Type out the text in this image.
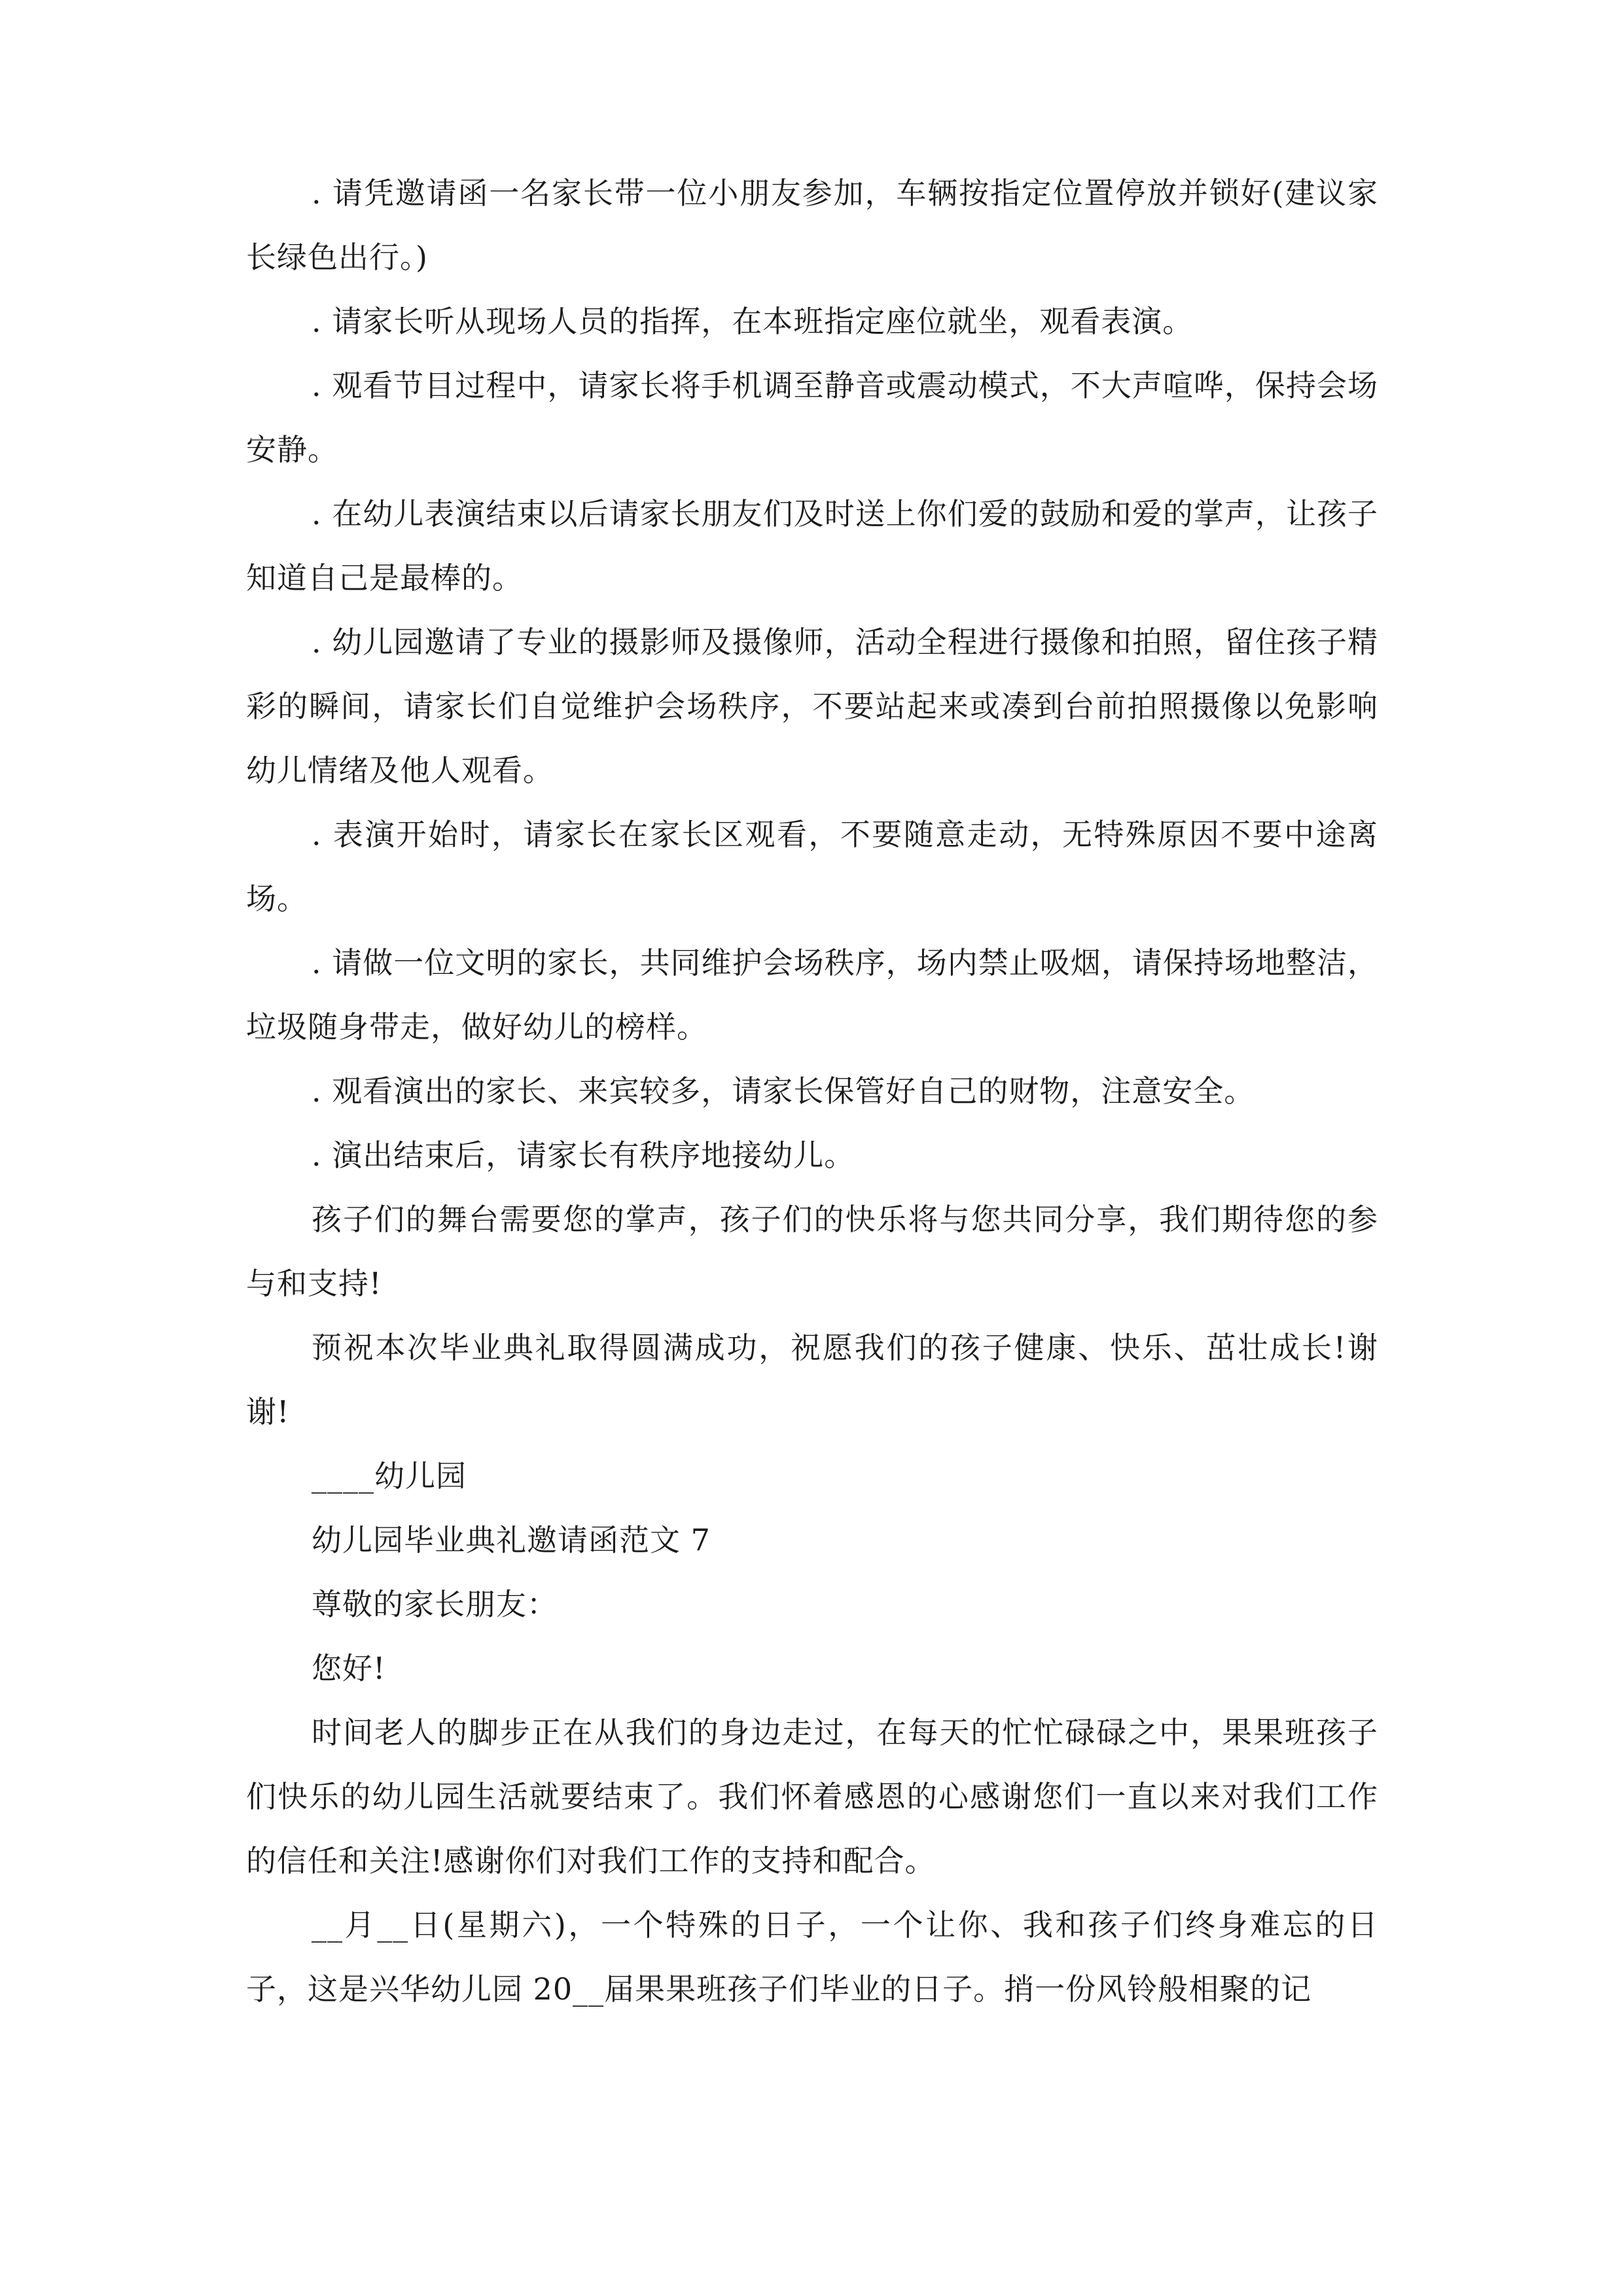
. 请凭邀请函一名家长带一位小朋友参加，车辆按指定位置停放并锁好(建议家长绿色出行。)

. 请家长听从现场人员的指挥，在本班指定座位就坐，观看表演。

. 观看节目过程中，请家长将手机调至静音或震动模式，不大声喧哗，保持会场安静。

. 在幼儿表演结束以后请家长朋友们及时送上你们爱的鼓励和爱的掌声，让孩子知道自己是最棒的。

. 幼儿园邀请了专业的摄影师及摄像师，活动全程进行摄像和拍照，留住孩子精彩的瞬间，请家长们自觉维护会场秩序，不要站起来或凑到台前拍照摄像以免影响幼儿情绪及他人观看。

. 表演开始时，请家长在家长区观看，不要随意走动，无特殊原因不要中途离场。

. 请做一位文明的家长，共同维护会场秩序，场内禁止吸烟，请保持场地整洁，垃圾随身带走，做好幼儿的榜样。

. 观看演出的家长、来宾较多，请家长保管好自己的财物，注意安全。

. 演出结束后，请家长有秩序地接幼儿。

孩子们的舞台需要您的掌声，孩子们的快乐将与您共同分享，我们期待您的参与和支持!

预祝本次毕业典礼取得圆满成功，祝愿我们的孩子健康、快乐、茁壮成长!谢谢!

____幼儿园

幼儿园毕业典礼邀请函范文 7

尊敬的家长朋友：

您好!

时间老人的脚步正在从我们的身边走过，在每天的忙忙碌碌之中，果果班孩子们快乐的幼儿园生活就要结束了。我们怀着感恩的心感谢您们一直以来对我们工作的信任和关注!感谢你们对我们工作的支持和配合。

__月__日(星期六)，一个特殊的日子，一个让你、我和孩子们终身难忘的日子，这是兴华幼儿园 20__届果果班孩子们毕业的日子。捎一份风铃般相聚的记
